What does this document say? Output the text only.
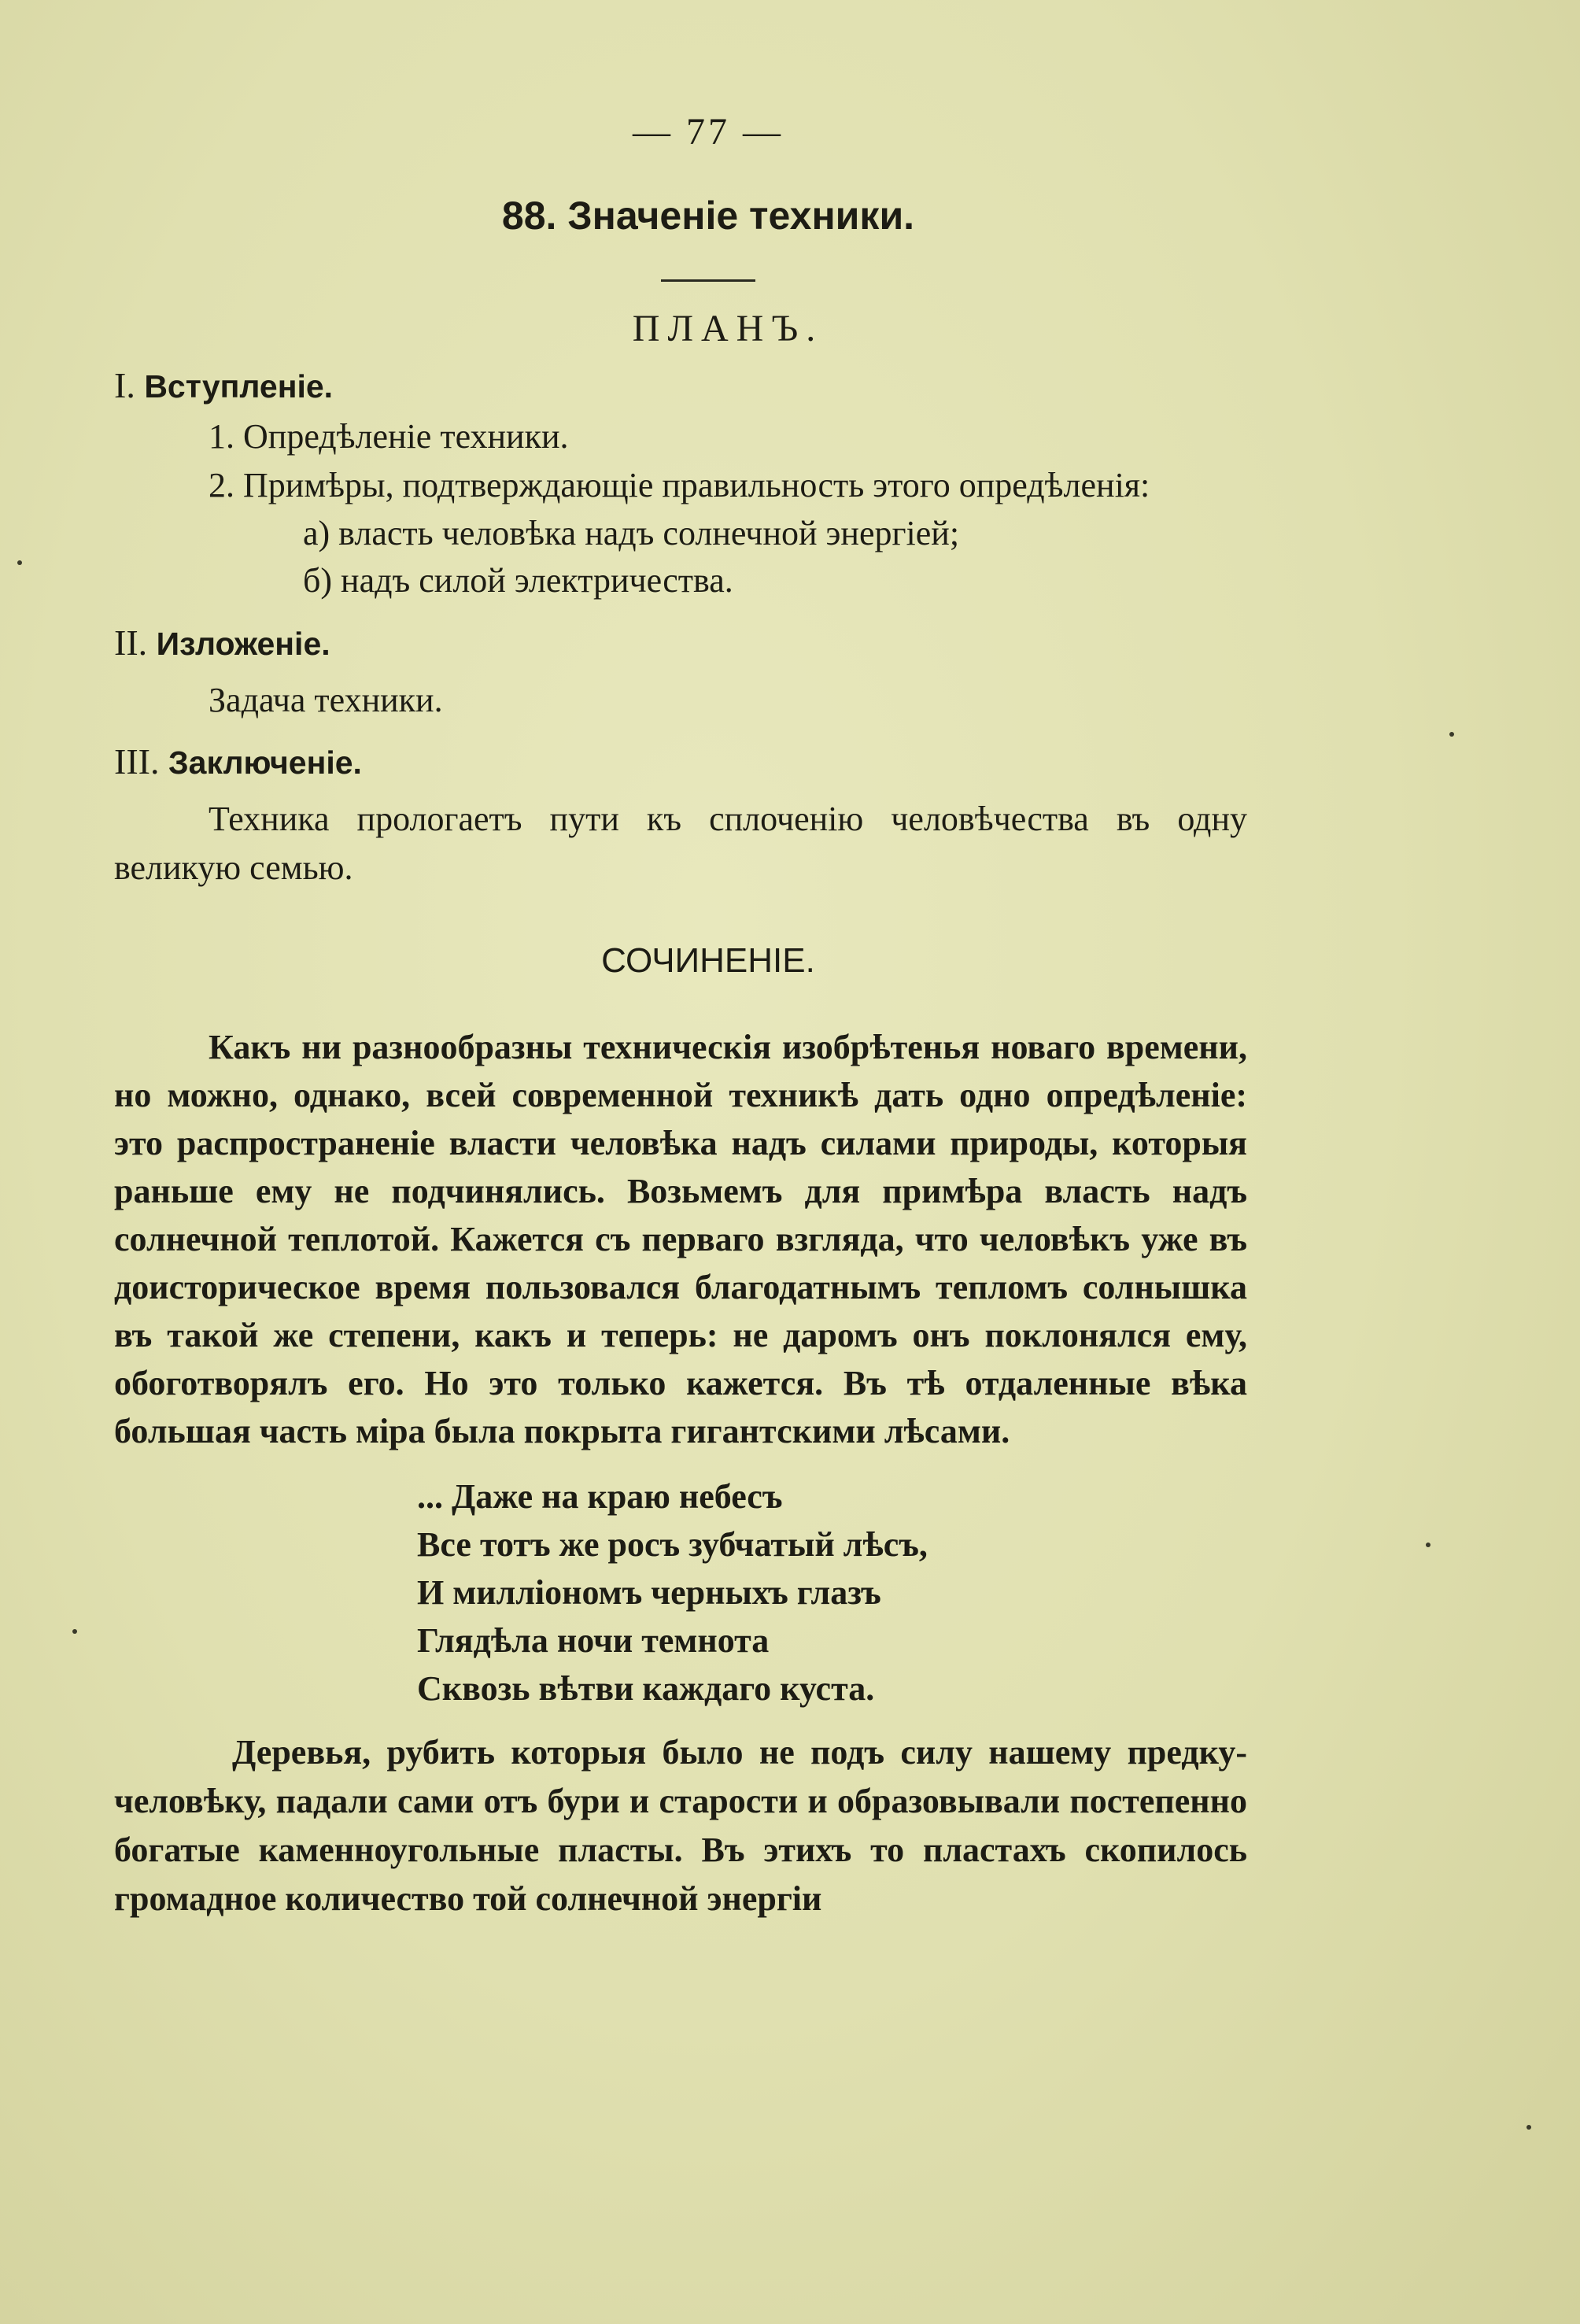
— 77 —
88. Значеніе техники.
ПЛАНЪ.
I. Вступленіе.
1. Опредѣленіе техники.
2. Примѣры, подтверждающіе правильность этого опредѣленія:
а) власть человѣка надъ солнечной энергіей;
б) надъ силой электричества.
II. Изложеніе.
Задача техники.
III. Заключеніе.
Техника прологаетъ пути къ сплоченію человѣчества въ одну великую семью.
СОЧИНЕНІЕ.
Какъ ни разнообразны техническія изобрѣтенья новаго времени, но можно, однако, всей современной техникѣ дать одно опредѣленіе: это распространеніе власти человѣка надъ силами природы, которыя раньше ему не подчинялись. Возьмемъ для примѣра власть надъ солнечной теплотой. Кажется съ перваго взгляда, что человѣкъ уже въ доисторическое время пользовался благодатнымъ тепломъ солнышка въ такой же степени, какъ и теперь: не даромъ онъ поклонялся ему, обоготворялъ его. Но это только кажется. Въ тѣ отдаленные вѣка большая часть міра была покрыта гигантскими лѣсами.
... Даже на краю небесъ
Все тотъ же росъ зубчатый лѣсъ,
И милліономъ черныхъ глазъ
Глядѣла ночи темнота
Сквозь вѣтви каждаго куста.
Деревья, рубить которыя было не подъ силу нашему предку-человѣку, падали сами отъ бури и старости и образовывали постепенно богатые каменноугольные пласты. Въ этихъ то пластахъ скопилось громадное количество той солнечной энергіи
